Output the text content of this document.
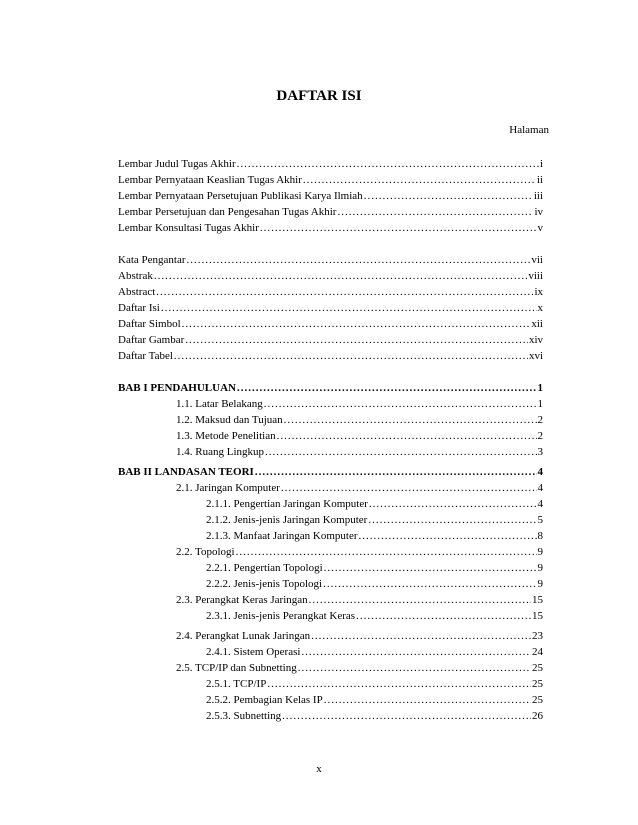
DAFTAR ISI
Halaman
Lembar Judul Tugas Akhir .....	i
Lembar Pernyataan Keaslian Tugas Akhir .....	ii
Lembar Pernyataan Persetujuan Publikasi Karya Ilmiah .....	iii
Lembar Persetujuan dan Pengesahan Tugas Akhir .....	iv
Lembar Konsultasi Tugas Akhir .....	v
Kata Pengantar .....	vii
Abstrak .....	viii
Abstract .....	ix
Daftar Isi .....	x
Daftar Simbol .....	xii
Daftar Gambar .....	xiv
Daftar Tabel .....	xvi
BAB I PENDAHULUAN .....	1
1.1. Latar Belakang .....	1
1.2. Maksud dan Tujuan .....	2
1.3. Metode Penelitian .....	2
1.4. Ruang Lingkup .....	3
BAB II LANDASAN TEORI .....	4
2.1. Jaringan Komputer .....	4
2.1.1. Pengertian Jaringan Komputer .....	4
2.1.2. Jenis-jenis Jaringan Komputer .....	5
2.1.3. Manfaat Jaringan Komputer .....	8
2.2. Topologi .....	9
2.2.1. Pengertian Topologi .....	9
2.2.2. Jenis-jenis Topologi .....	9
2.3. Perangkat Keras Jaringan .....	15
2.3.1. Jenis-jenis Perangkat Keras .....	15
2.4. Perangkat Lunak Jaringan .....	23
2.4.1. Sistem Operasi .....	24
2.5. TCP/IP dan Subnetting .....	25
2.5.1. TCP/IP .....	25
2.5.2. Pembagian Kelas IP .....	25
2.5.3. Subnetting .....	26
x
